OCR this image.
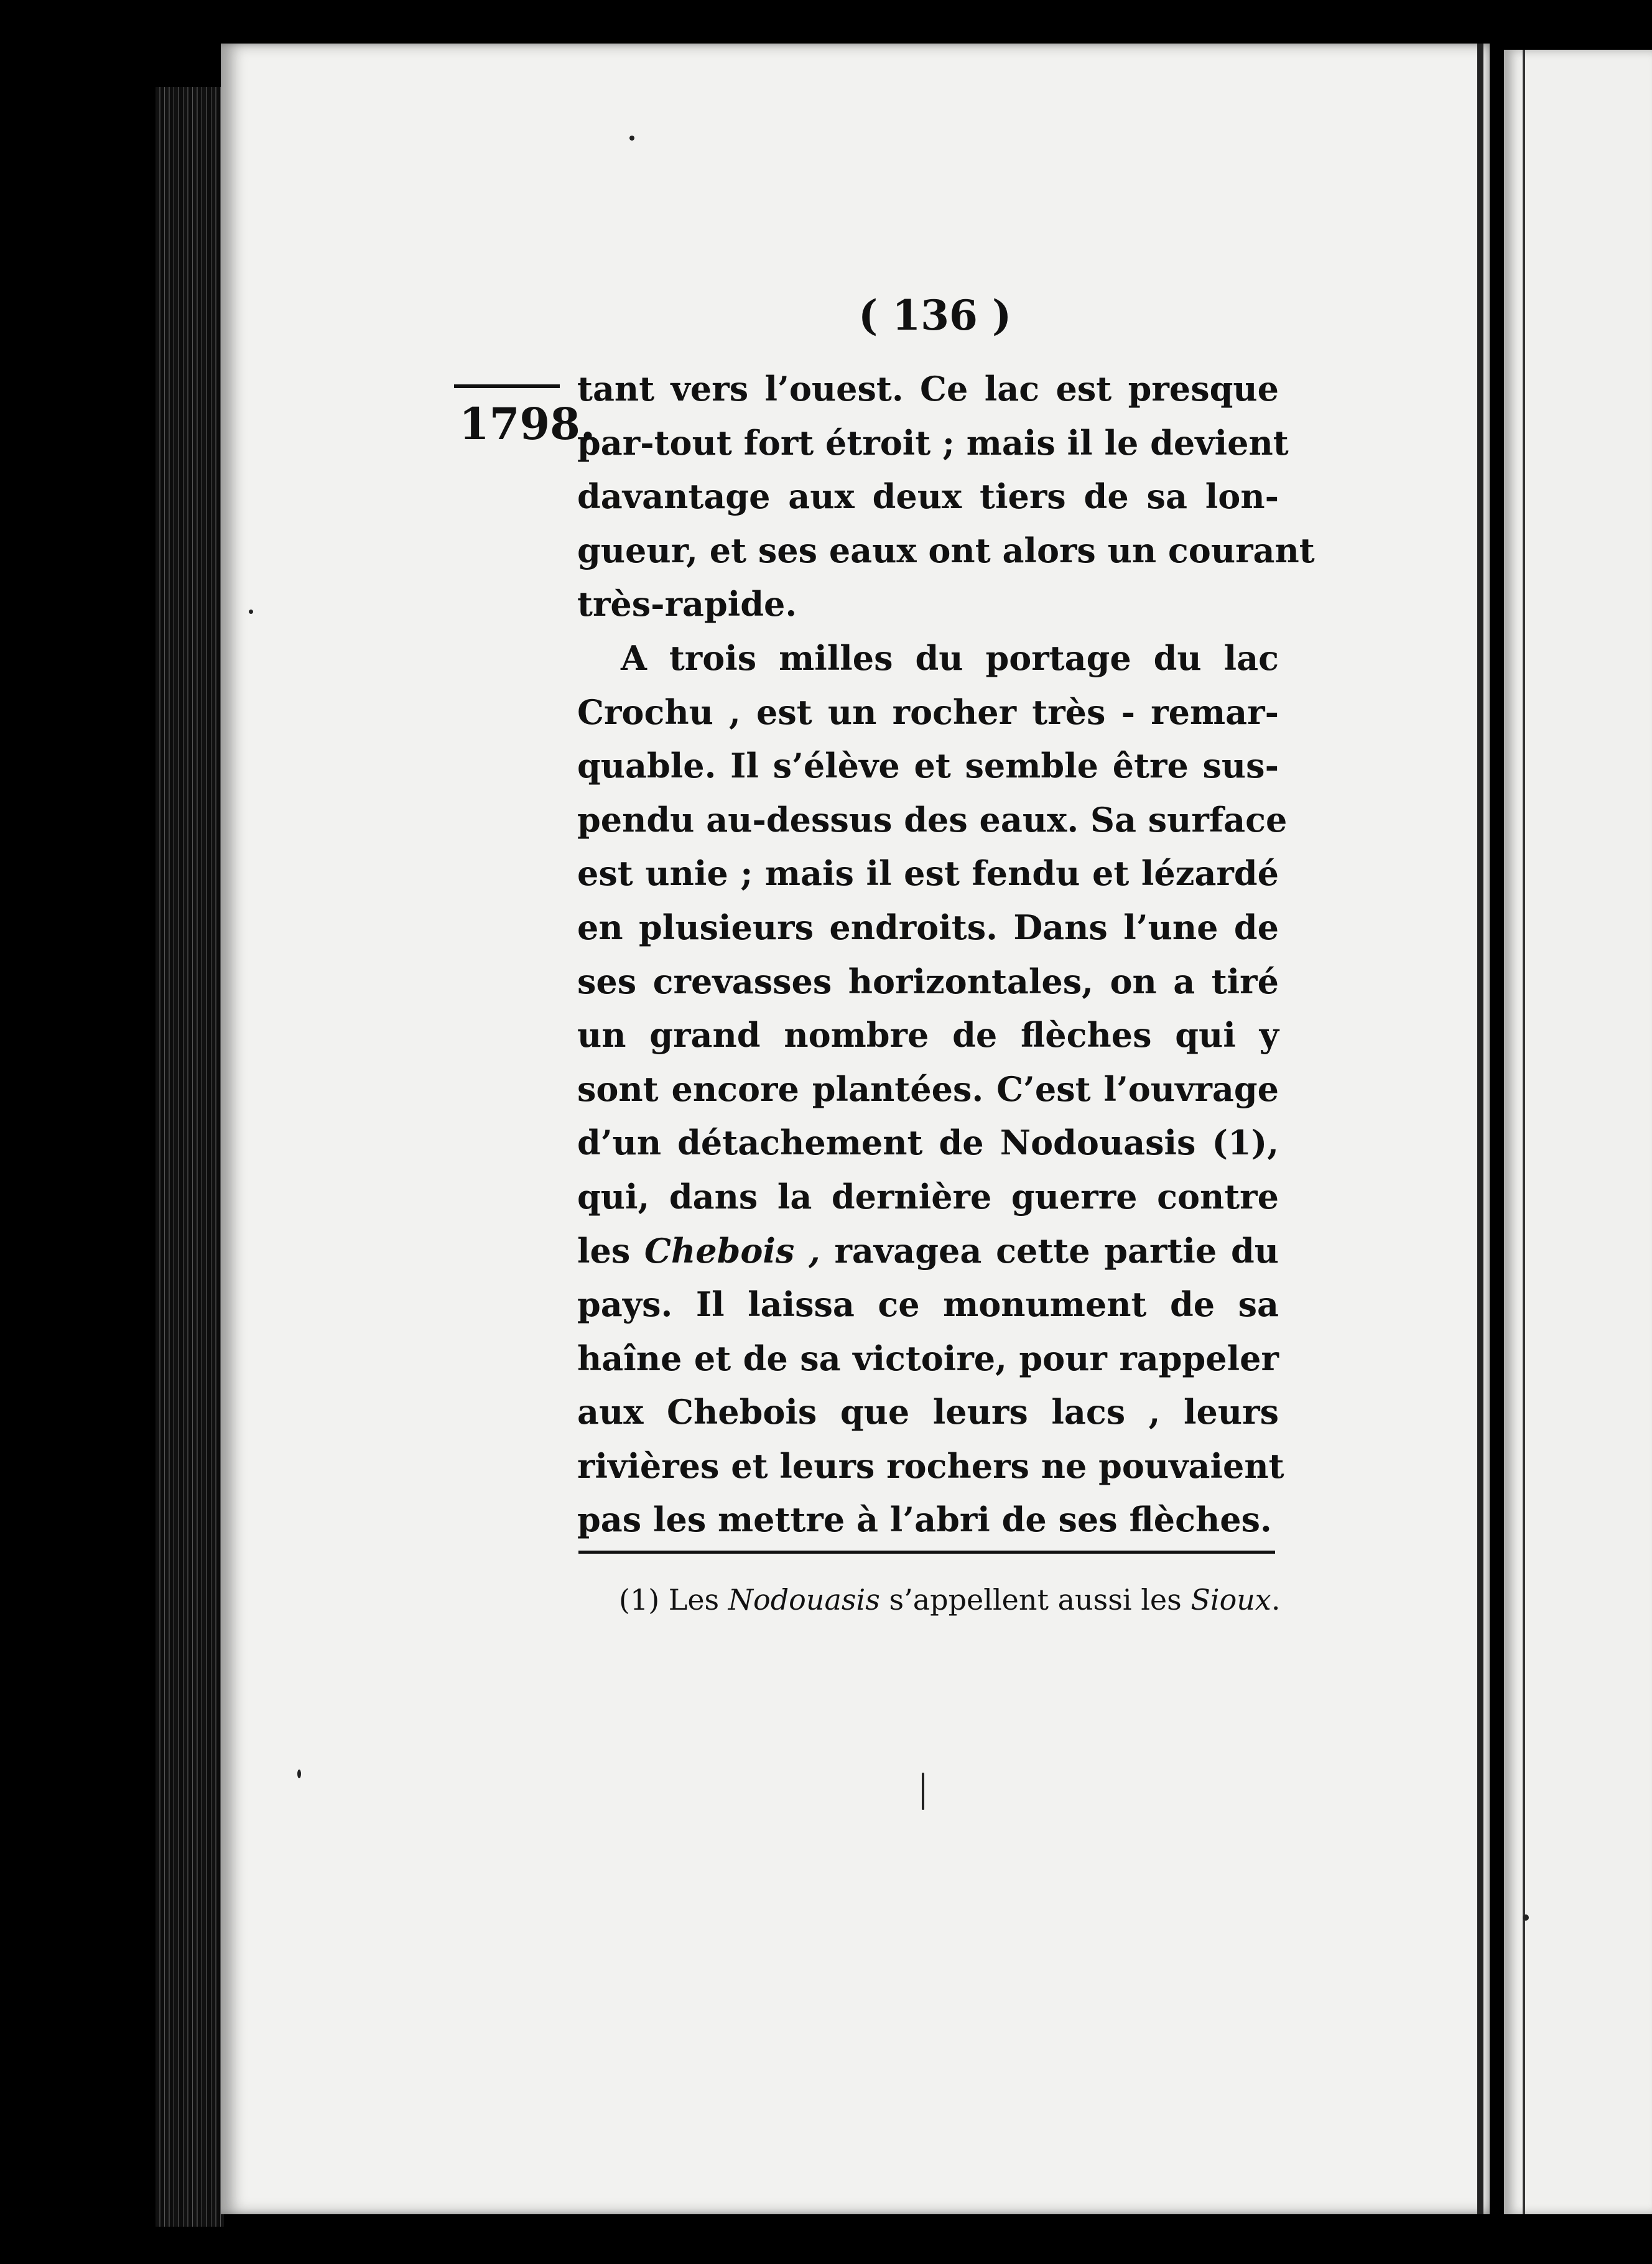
( 136 )
1798.
tant vers l’ouest. Ce lac est presque
par-tout fort étroit ; mais il le devient
davantage aux deux tiers de sa lon-
gueur, et ses eaux ont alors un courant
très-rapide.
A trois milles du portage du lac
Crochu , est un rocher très - remar-
quable. Il s’élève et semble être sus-
pendu au-dessus des eaux. Sa surface
est unie ; mais il est fendu et lézardé
en plusieurs endroits. Dans l’une de
ses crevasses horizontales, on a tiré
un grand nombre de flèches qui y
sont encore plantées. C’est l’ouvrage
d’un détachement de Nodouasis (1),
qui, dans la dernière guerre contre
les Chebois , ravagea cette partie du
pays. Il laissa ce monument de sa
haîne et de sa victoire, pour rappeler
aux Chebois que leurs lacs , leurs
rivières et leurs rochers ne pouvaient
pas les mettre à l’abri de ses flèches.
(1) Les Nodouasis s’appellent aussi les Sioux.
